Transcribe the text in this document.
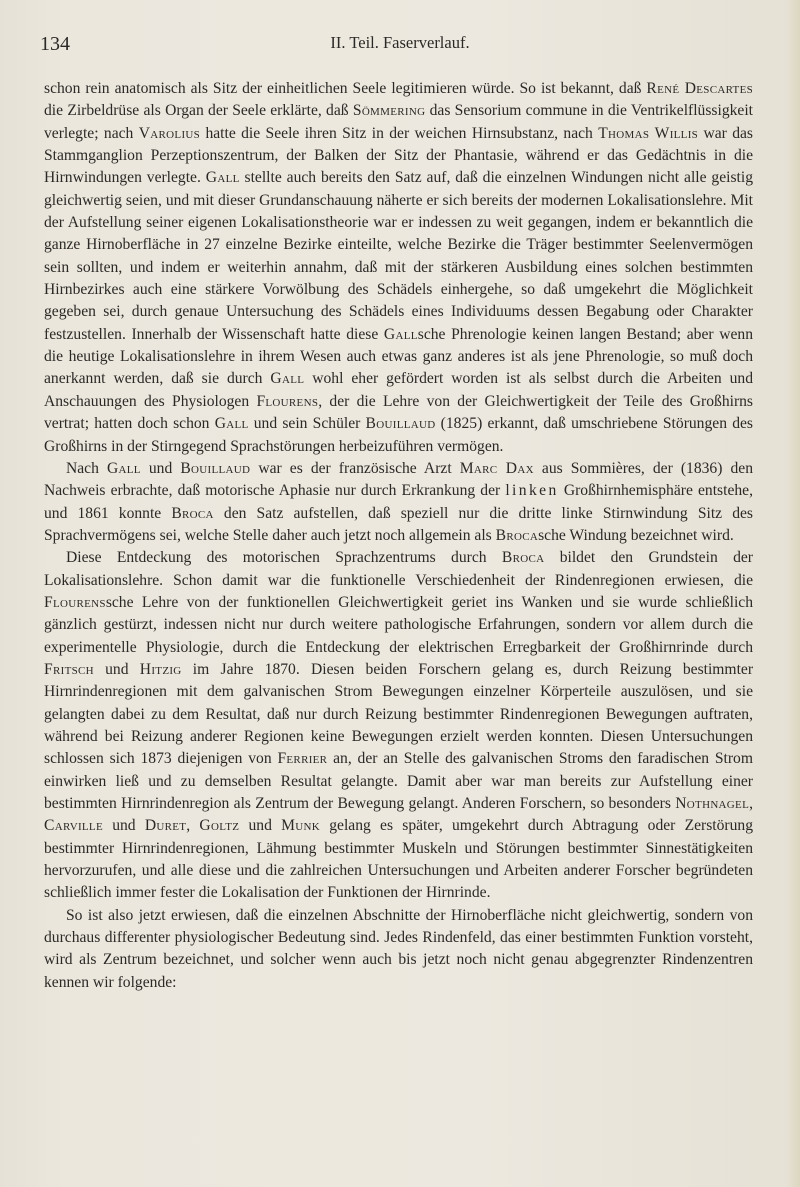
134	II. Teil. Faserverlauf.

schon rein anatomisch als Sitz der einheitlichen Seele legitimieren würde. So ist bekannt, daß René Descartes die Zirbeldrüse als Organ der Seele erklärte, daß Sömmering das Sensorium commune in die Ventrikelflüssigkeit verlegte; nach Varolius hatte die Seele ihren Sitz in der weichen Hirnsubstanz, nach Thomas Willis war das Stammganglion Perzeptionszentrum, der Balken der Sitz der Phantasie, während er das Gedächtnis in die Hirnwindungen verlegte. Gall stellte auch bereits den Satz auf, daß die einzelnen Windungen nicht alle geistig gleichwertig seien, und mit dieser Grundanschauung näherte er sich bereits der modernen Lokalisationslehre. Mit der Aufstellung seiner eigenen Lokalisationstheorie war er indessen zu weit gegangen, indem er bekanntlich die ganze Hirnoberfläche in 27 einzelne Bezirke einteilte, welche Bezirke die Träger bestimmter Seelenvermögen sein sollten, und indem er weiterhin annahm, daß mit der stärkeren Ausbildung eines solchen bestimmten Hirnbezirkes auch eine stärkere Vorwölbung des Schädels einhergehe, so daß umgekehrt die Möglichkeit gegeben sei, durch genaue Untersuchung des Schädels eines Individuums dessen Begabung oder Charakter festzustellen. Innerhalb der Wissenschaft hatte diese Gallsche Phrenologie keinen langen Bestand; aber wenn die heutige Lokalisationslehre in ihrem Wesen auch etwas ganz anderes ist als jene Phrenologie, so muß doch anerkannt werden, daß sie durch Gall wohl eher gefördert worden ist als selbst durch die Arbeiten und Anschauungen des Physiologen Flourens, der die Lehre von der Gleichwertigkeit der Teile des Großhirns vertrat; hatten doch schon Gall und sein Schüler Bouillaud (1825) erkannt, daß umschriebene Störungen des Großhirns in der Stirngegend Sprachstörungen herbeizuführen vermögen.

Nach Gall und Bouillaud war es der französische Arzt Marc Dax aus Sommières, der (1836) den Nachweis erbrachte, daß motorische Aphasie nur durch Erkrankung der linken Großhirnhemisphäre entstehe, und 1861 konnte Broca den Satz aufstellen, daß speziell nur die dritte linke Stirnwindung Sitz des Sprachvermögens sei, welche Stelle daher auch jetzt noch allgemein als Brocasche Windung bezeichnet wird.

Diese Entdeckung des motorischen Sprachzentrums durch Broca bildet den Grundstein der Lokalisationslehre. Schon damit war die funktionelle Verschiedenheit der Rindenregionen erwiesen, die Flourenssche Lehre von der funktionellen Gleichwertigkeit geriet ins Wanken und sie wurde schließlich gänzlich gestürzt, indessen nicht nur durch weitere pathologische Erfahrungen, sondern vor allem durch die experimentelle Physiologie, durch die Entdeckung der elektrischen Erregbarkeit der Großhirnrinde durch Fritsch und Hitzig im Jahre 1870. Diesen beiden Forschern gelang es, durch Reizung bestimmter Hirnrindenregionen mit dem galvanischen Strom Bewegungen einzelner Körperteile auszulösen, und sie gelangten dabei zu dem Resultat, daß nur durch Reizung bestimmter Rindenregionen Bewegungen auftraten, während bei Reizung anderer Regionen keine Bewegungen erzielt werden konnten. Diesen Untersuchungen schlossen sich 1873 diejenigen von Ferrier an, der an Stelle des galvanischen Stroms den faradischen Strom einwirken ließ und zu demselben Resultat gelangte. Damit aber war man bereits zur Aufstellung einer bestimmten Hirnrindenregion als Zentrum der Bewegung gelangt. Anderen Forschern, so besonders Nothnagel, Carville und Duret, Goltz und Munk gelang es später, umgekehrt durch Abtragung oder Zerstörung bestimmter Hirnrindenregionen, Lähmung bestimmter Muskeln und Störungen bestimmter Sinnestätigkeiten hervorzurufen, und alle diese und die zahlreichen Untersuchungen und Arbeiten anderer Forscher begründeten schließlich immer fester die Lokalisation der Funktionen der Hirnrinde.

So ist also jetzt erwiesen, daß die einzelnen Abschnitte der Hirnoberfläche nicht gleichwertig, sondern von durchaus differenter physiologischer Bedeutung sind. Jedes Rindenfeld, das einer bestimmten Funktion vorsteht, wird als Zentrum bezeichnet, und solcher wenn auch bis jetzt noch nicht genau abgegrenzter Rindenzentren kennen wir folgende:
